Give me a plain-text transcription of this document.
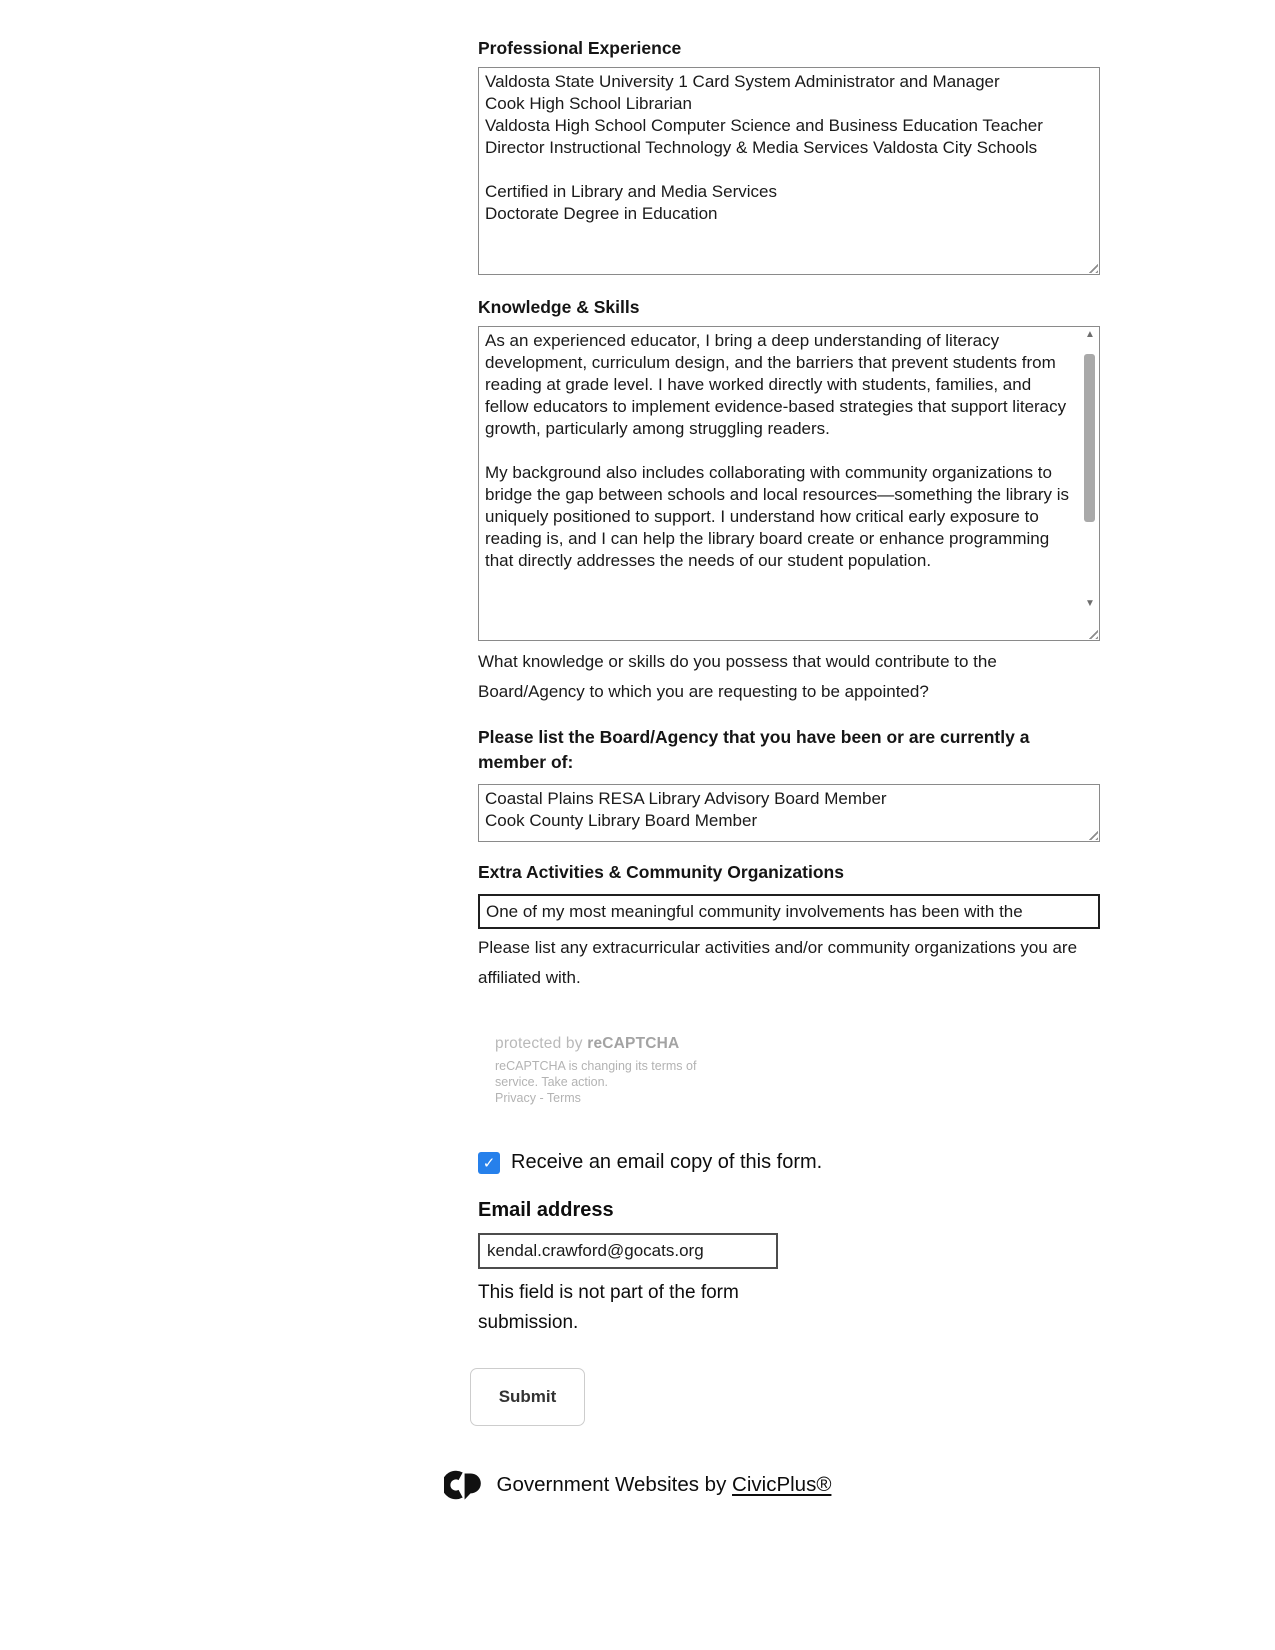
Professional Experience
Valdosta State University 1 Card System Administrator and Manager Cook High School Librarian Valdosta High School Computer Science and Business Education Teacher Director Instructional Technology & Media Services Valdosta City Schools Certified in Library and Media Services Doctorate Degree in Education
Knowledge & Skills
As an experienced educator, I bring a deep understanding of literacy development, curriculum design, and the barriers that prevent students from reading at grade level. I have worked directly with students, families, and fellow educators to implement evidence-based strategies that support literacy growth, particularly among struggling readers. My background also includes collaborating with community organizations to bridge the gap between schools and local resources—something the library is uniquely positioned to support. I understand how critical early exposure to reading is, and I can help the library board create or enhance programming that directly addresses the needs of our student population.
▲
▼
What knowledge or skills do you possess that would contribute to the Board/Agency to which you are requesting to be appointed?
Please list the Board/Agency that you have been or are currently a member of:
Coastal Plains RESA Library Advisory Board Member Cook County Library Board Member
Extra Activities & Community Organizations
One of my most meaningful community involvements has been with the
Please list any extracurricular activities and/or community organizations you are affiliated with.
protected by reCAPTCHA
reCAPTCHA is changing its terms of service. Take action.
Privacy - Terms
✓ Receive an email copy of this form.
Email address
kendal.crawford@gocats.org
This field is not part of the form submission.
Submit
Government Websites by CivicPlus®
